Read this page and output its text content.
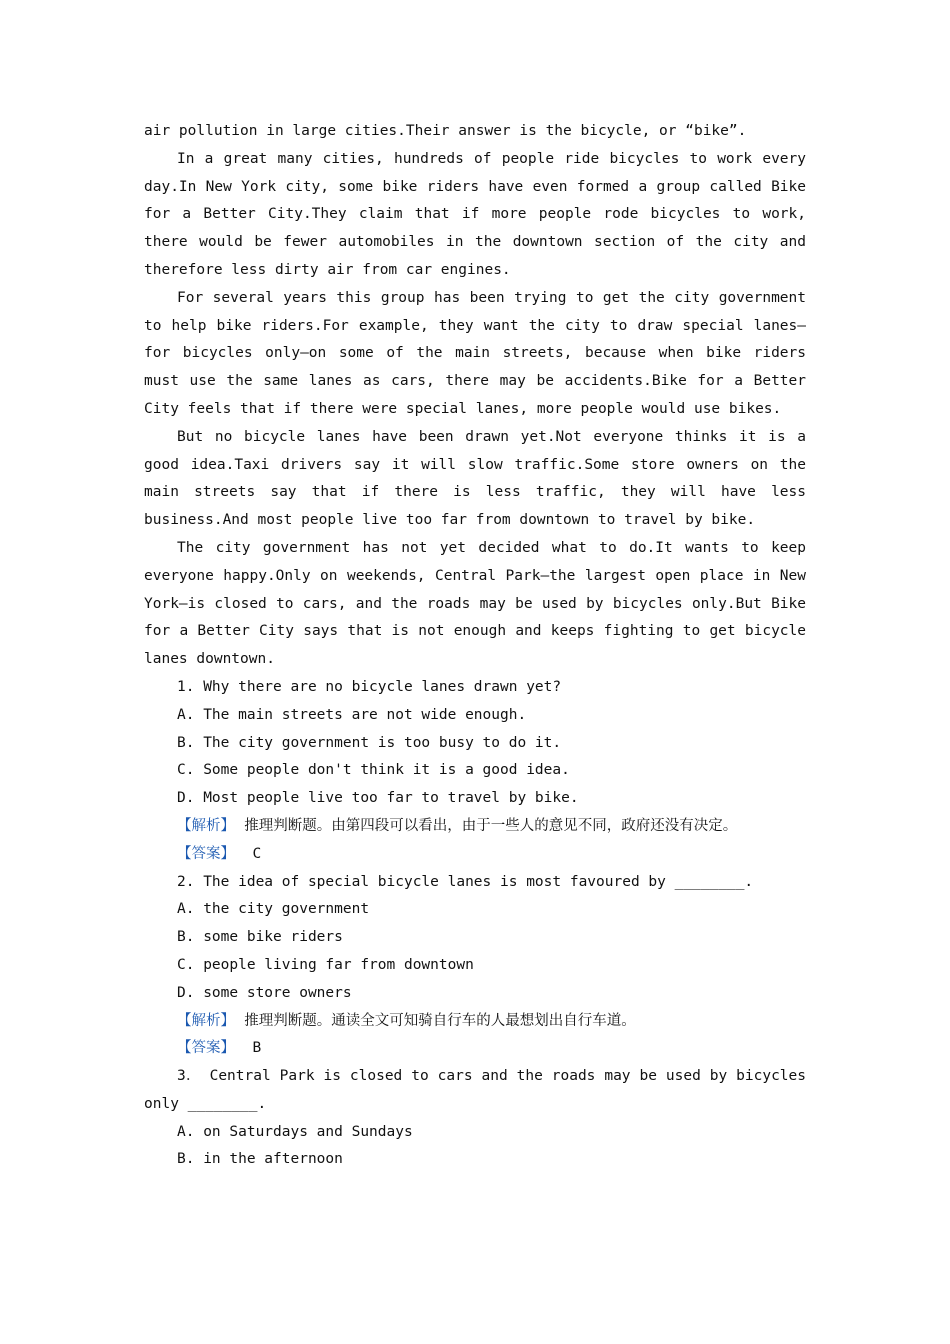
air pollution in large cities.Their answer is the bicycle, or “bike”.

In a great many cities, hundreds of people ride bicycles to work every day.In New York city, some bike riders have even formed a group called Bike for a Better City.They claim that if more people rode bicycles to work, there would be fewer automobiles in the downtown section of the city and therefore less dirty air from car engines.

For several years this group has been trying to get the city government to help bike riders.For example, they want the city to draw special lanes—for bicycles only—on some of the main streets, because when bike riders must use the same lanes as cars, there may be accidents.Bike for a Better City feels that if there were special lanes, more people would use bikes.

But no bicycle lanes have been drawn yet.Not everyone thinks it is a good idea.Taxi drivers say it will slow traffic.Some store owners on the main streets say that if there is less traffic, they will have less business.And most people live too far from downtown to travel by bike.

The city government has not yet decided what to do.It wants to keep everyone happy.Only on weekends, Central Park—the largest open place in New York—is closed to cars, and the roads may be used by bicycles only.But Bike for a Better City says that is not enough and keeps fighting to get bicycle lanes downtown.

1. Why there are no bicycle lanes drawn yet?

A. The main streets are not wide enough.

B. The city government is too busy to do it.

C. Some people don't think it is a good idea.

D. Most people live too far to travel by bike.

【解析】 推理判断题。由第四段可以看出，由于一些人的意见不同，政府还没有决定。

【答案】 C

2. The idea of special bicycle lanes is most favoured by ________.

A. the city government

B. some bike riders

C. people living far from downtown

D. some store owners

【解析】 推理判断题。通读全文可知骑自行车的人最想划出自行车道。

【答案】 B

3． Central Park is closed to cars and the roads may be used by bicycles only ________.

A. on Saturdays and Sundays

B. in the afternoon
